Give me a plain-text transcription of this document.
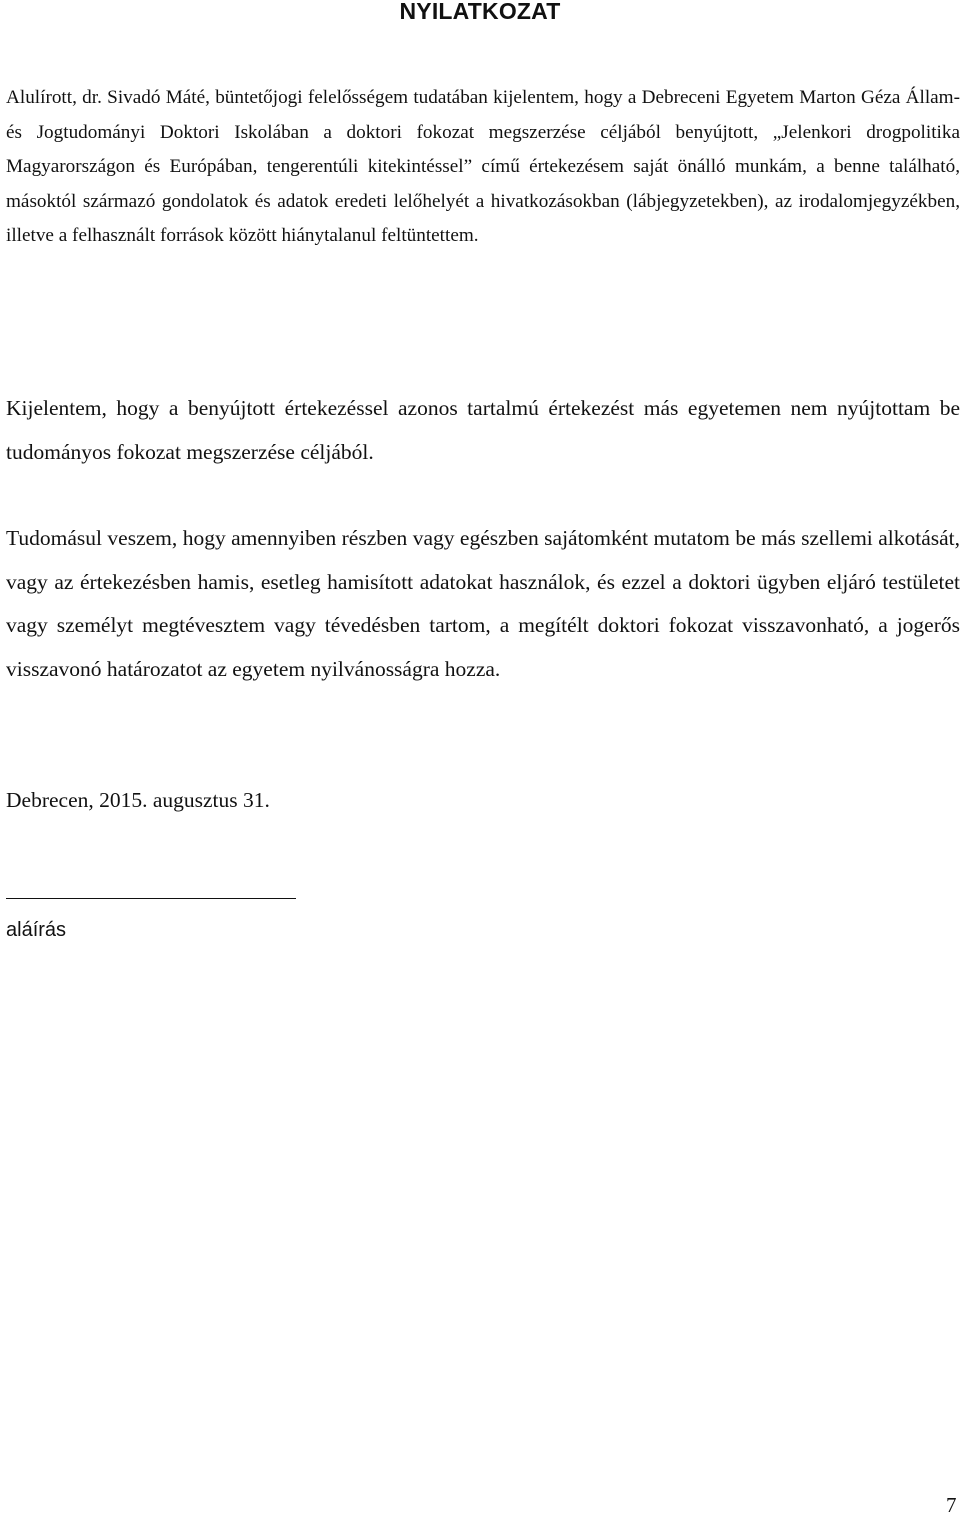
NYILATKOZAT

Alulírott, dr. Sivadó Máté, büntetőjogi felelősségem tudatában kijelentem, hogy a Debreceni Egyetem Marton Géza Állam- és Jogtudományi Doktori Iskolában a doktori fokozat megszerzése céljából benyújtott, „Jelenkori drogpolitika Magyarországon és Európában, tengerentúli kitekintéssel” című értekezésem saját önálló munkám, a benne található, másoktól származó gondolatok és adatok eredeti lelőhelyét a hivatkozásokban (lábjegyzetekben), az irodalomjegyzékben, illetve a felhasznált források között hiánytalanul feltüntettem.

Kijelentem, hogy a benyújtott értekezéssel azonos tartalmú értekezést más egyetemen nem nyújtottam be tudományos fokozat megszerzése céljából.

Tudomásul veszem, hogy amennyiben részben vagy egészben sajátomként mutatom be más szellemi alkotását, vagy az értekezésben hamis, esetleg hamisított adatokat használok, és ezzel a doktori ügyben eljáró testületet vagy személyt megtévesztem vagy tévedésben tartom, a megítélt doktori fokozat visszavonható, a jogerős visszavonó határozatot az egyetem nyilvánosságra hozza.

Debrecen, 2015. augusztus 31.

aláírás

7
